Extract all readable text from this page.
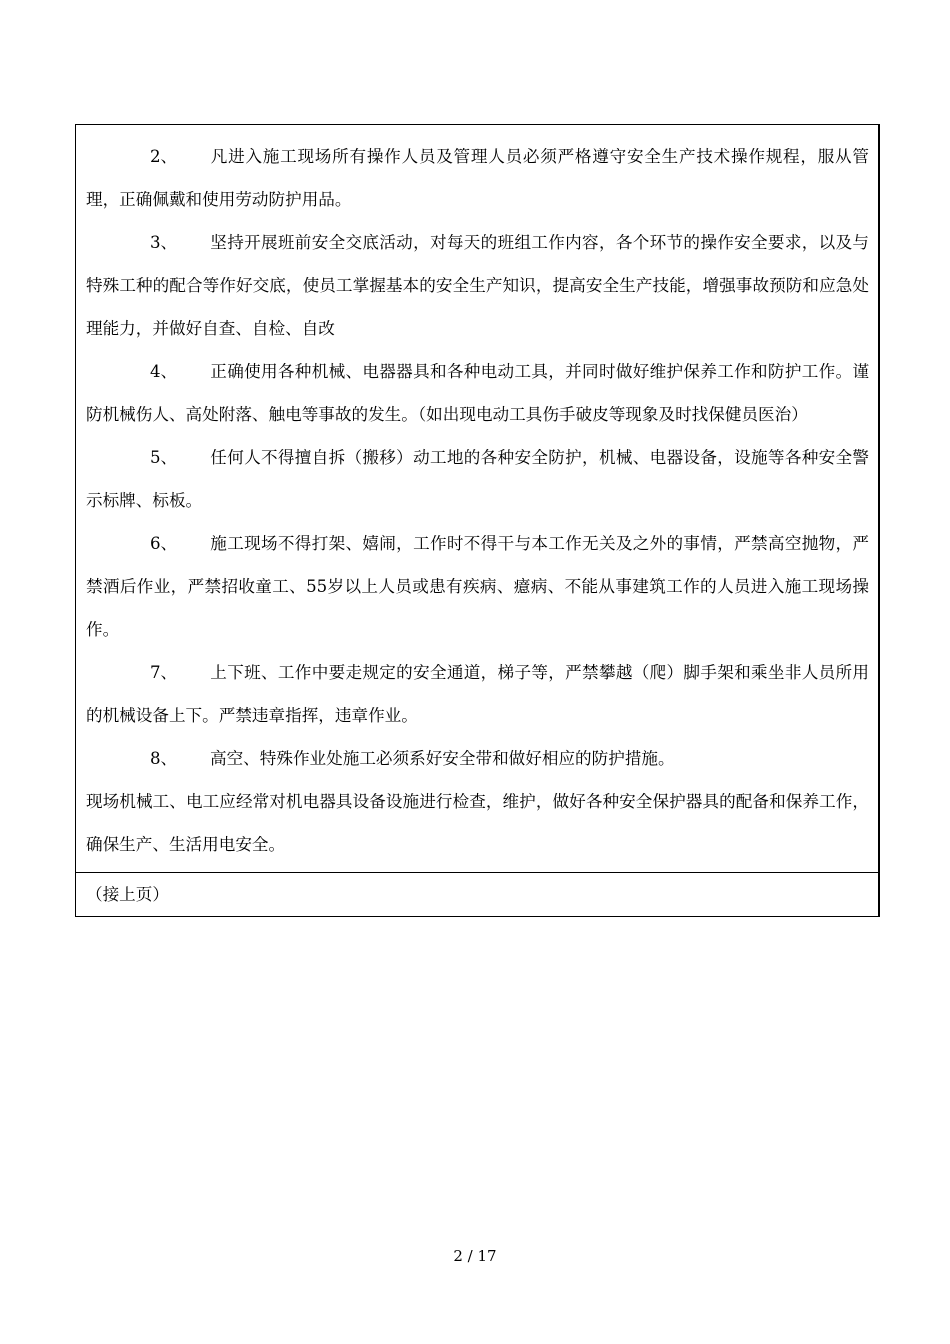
2、 凡进入施工现场所有操作人员及管理人员必须严格遵守安全生产技术操作规程，服从管理，正确佩戴和使用劳动防护用品。

3、 坚持开展班前安全交底活动，对每天的班组工作内容，各个环节的操作安全要求，以及与特殊工种的配合等作好交底，使员工掌握基本的安全生产知识，提高安全生产技能，增强事故预防和应急处理能力，并做好自查、自检、自改

4、 正确使用各种机械、电器器具和各种电动工具，并同时做好维护保养工作和防护工作。谨防机械伤人、高处附落、触电等事故的发生。（如出现电动工具伤手破皮等现象及时找保健员医治）

5、 任何人不得擅自拆（搬移）动工地的各种安全防护，机械、电器设备，设施等各种安全警示标牌、标板。

6、 施工现场不得打架、嬉闹，工作时不得干与本工作无关及之外的事情，严禁高空抛物，严禁酒后作业，严禁招收童工、55岁以上人员或患有疾病、癔病、不能从事建筑工作的人员进入施工现场操作。

7、 上下班、工作中要走规定的安全通道，梯子等，严禁攀越（爬）脚手架和乘坐非人员所用的机械设备上下。严禁违章指挥，违章作业。

8、 高空、特殊作业处施工必须系好安全带和做好相应的防护措施。

现场机械工、电工应经常对机电器具设备设施进行检查，维护，做好各种安全保护器具的配备和保养工作，确保生产、生活用电安全。

（接上页）
2 / 17
